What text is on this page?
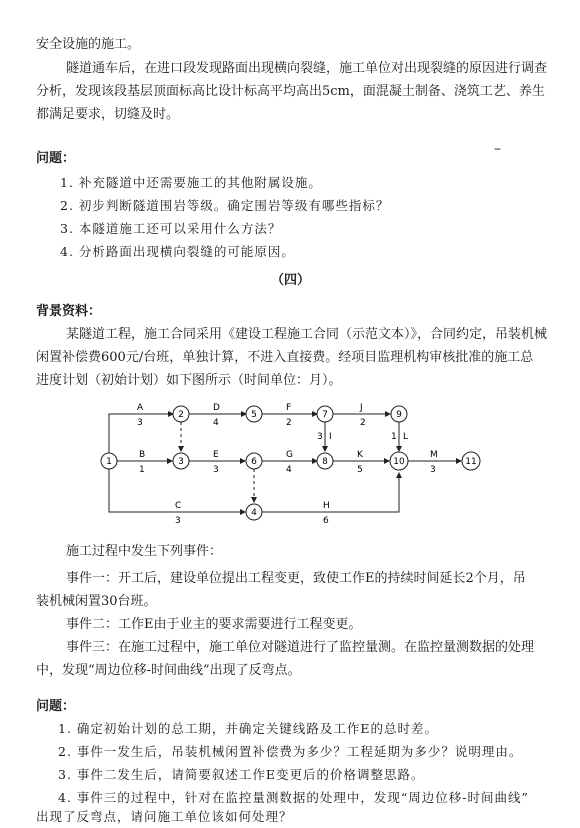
安全设施的施工。
隧道通车后，在进口段发现路面出现横向裂缝，施工单位对出现裂缝的原因进行调查
分析，发现该段基层顶面标高比设计标高平均高出5cm，面混凝土制备、浇筑工艺、养生
都满足要求，切缝及时。
问题：
–
1. 补充隧道中还需要施工的其他附属设施。
2. 初步判断隧道围岩等级。确定围岩等级有哪些指标？
3. 本隧道施工还可以采用什么方法？
4. 分析路面出现横向裂缝的可能原因。
（四）
背景资料：
某隧道工程，施工合同采用《建设工程施工合同（示范文本）》，合同约定，吊装机械
闲置补偿费600元/台班，单独计算，不进入直接费。经项目监理机构审核批准的施工总
进度计划（初始计划）如下图所示（时间单位：月）。
A
3
D
4
F
2
J
2
B
1
E
3
G
4
K
5
M
3
C
3
H
6
L
1
I
3
1
2
3
4
5
6
7
8
9
10	11
施工过程中发生下列事件：
事件一：开工后，建设单位提出工程变更，致使工作E的持续时间延长2个月，吊
装机械闲置30台班。
事件二：工作E由于业主的要求需要进行工程变更。
事件三：在施工过程中，施工单位对隧道进行了监控量测。在监控量测数据的处理
中，发现“周边位移-时间曲线”出现了反弯点。
问题：
1. 确定初始计划的总工期，并确定关键线路及工作E的总时差。
2. 事件一发生后，吊装机械闲置补偿费为多少？工程延期为多少？说明理由。
3. 事件二发生后，请简要叙述工作E变更后的价格调整思路。
4. 事件三的过程中，针对在监控量测数据的处理中，发现“周边位移-时间曲线”
出现了反弯点，请问施工单位该如何处理？
